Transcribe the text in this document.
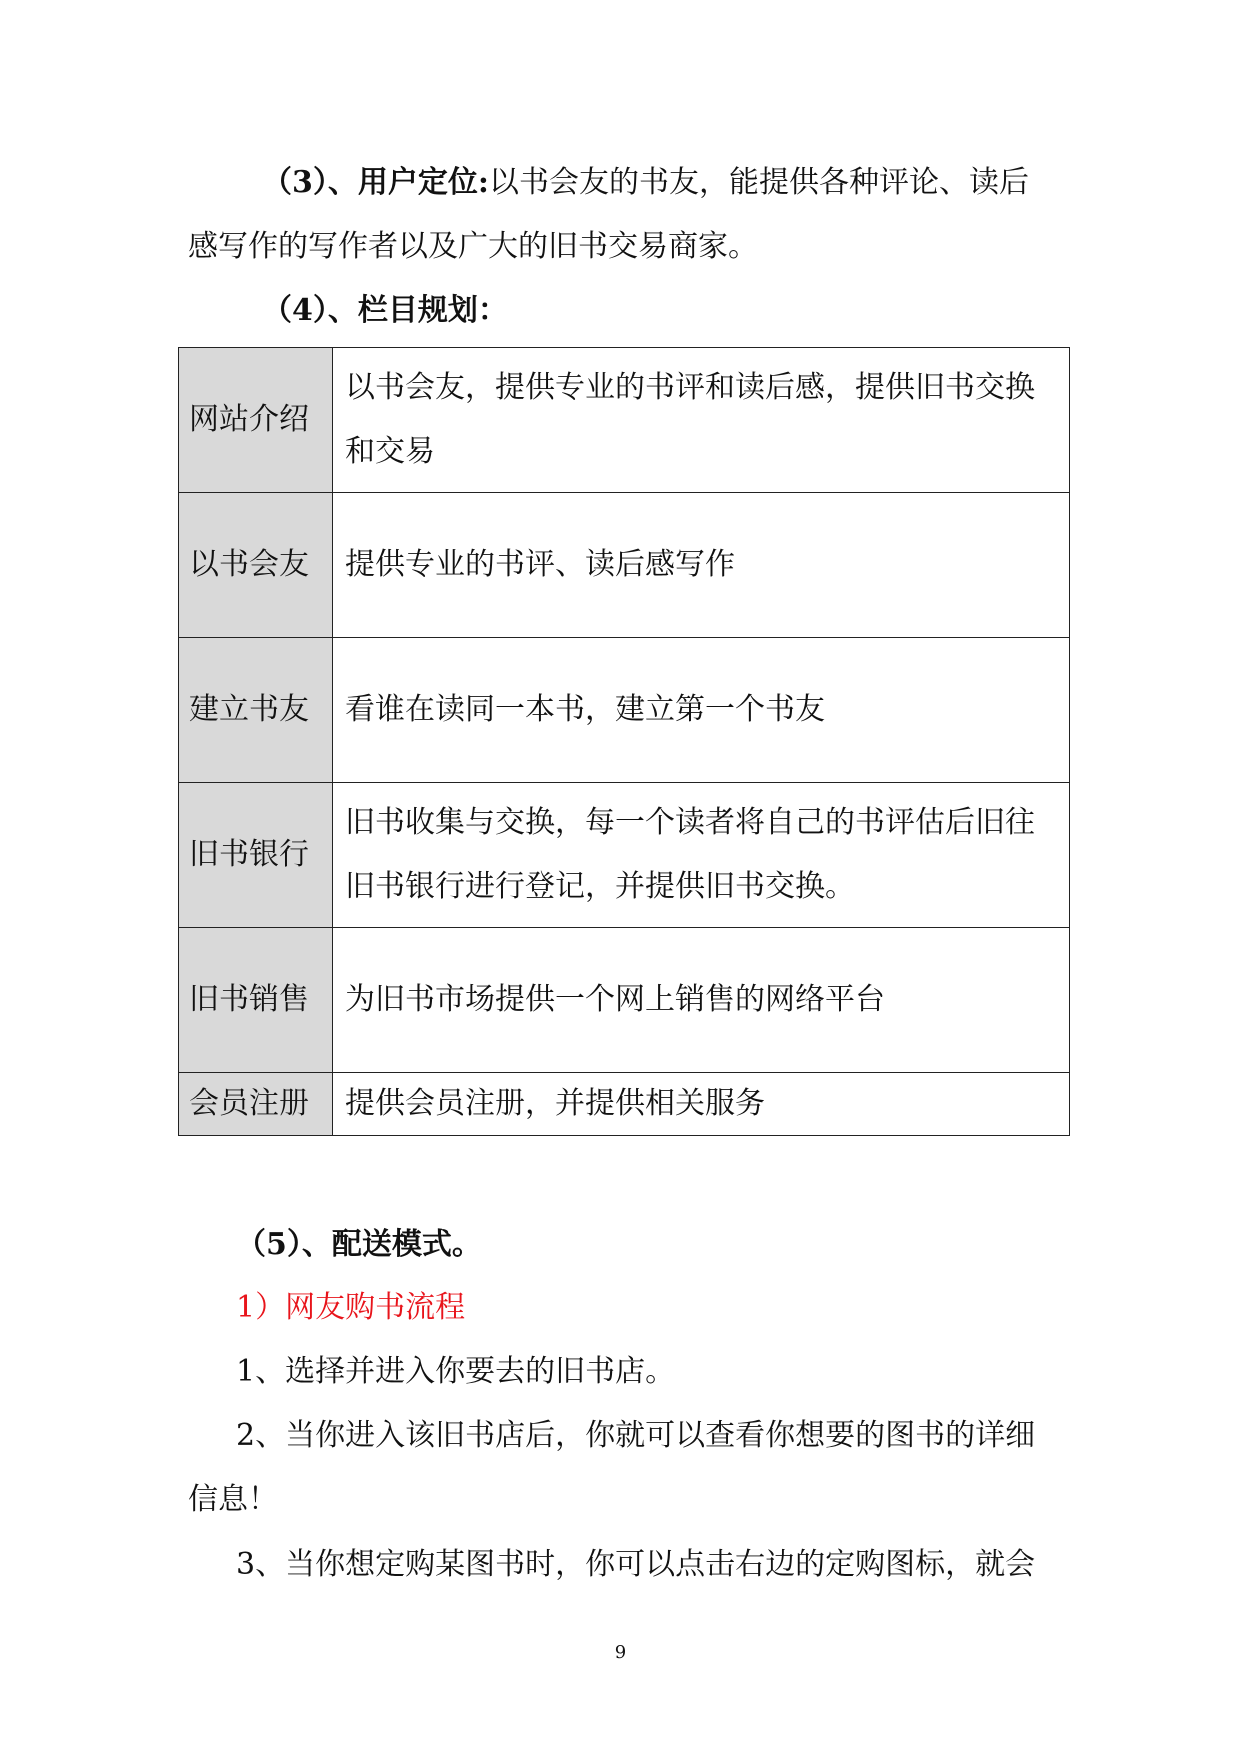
（3）、用户定位:以书会友的书友，能提供各种评论、读后
感写作的写作者以及广大的旧书交易商家。
（4）、栏目规划：
网站介绍	以书会友，提供专业的书评和读后感，提供旧书交换
和交易
以书会友	提供专业的书评、读后感写作
建立书友	看谁在读同一本书，建立第一个书友
旧书银行	旧书收集与交换，每一个读者将自己的书评估后旧往
旧书银行进行登记，并提供旧书交换。
旧书销售	为旧书市场提供一个网上销售的网络平台
会员注册	提供会员注册，并提供相关服务
（5）、配送模式。
1）网友购书流程
1、选择并进入你要去的旧书店。
2、当你进入该旧书店后，你就可以查看你想要的图书的详细
信息！
3、当你想定购某图书时，你可以点击右边的定购图标，就会
9
